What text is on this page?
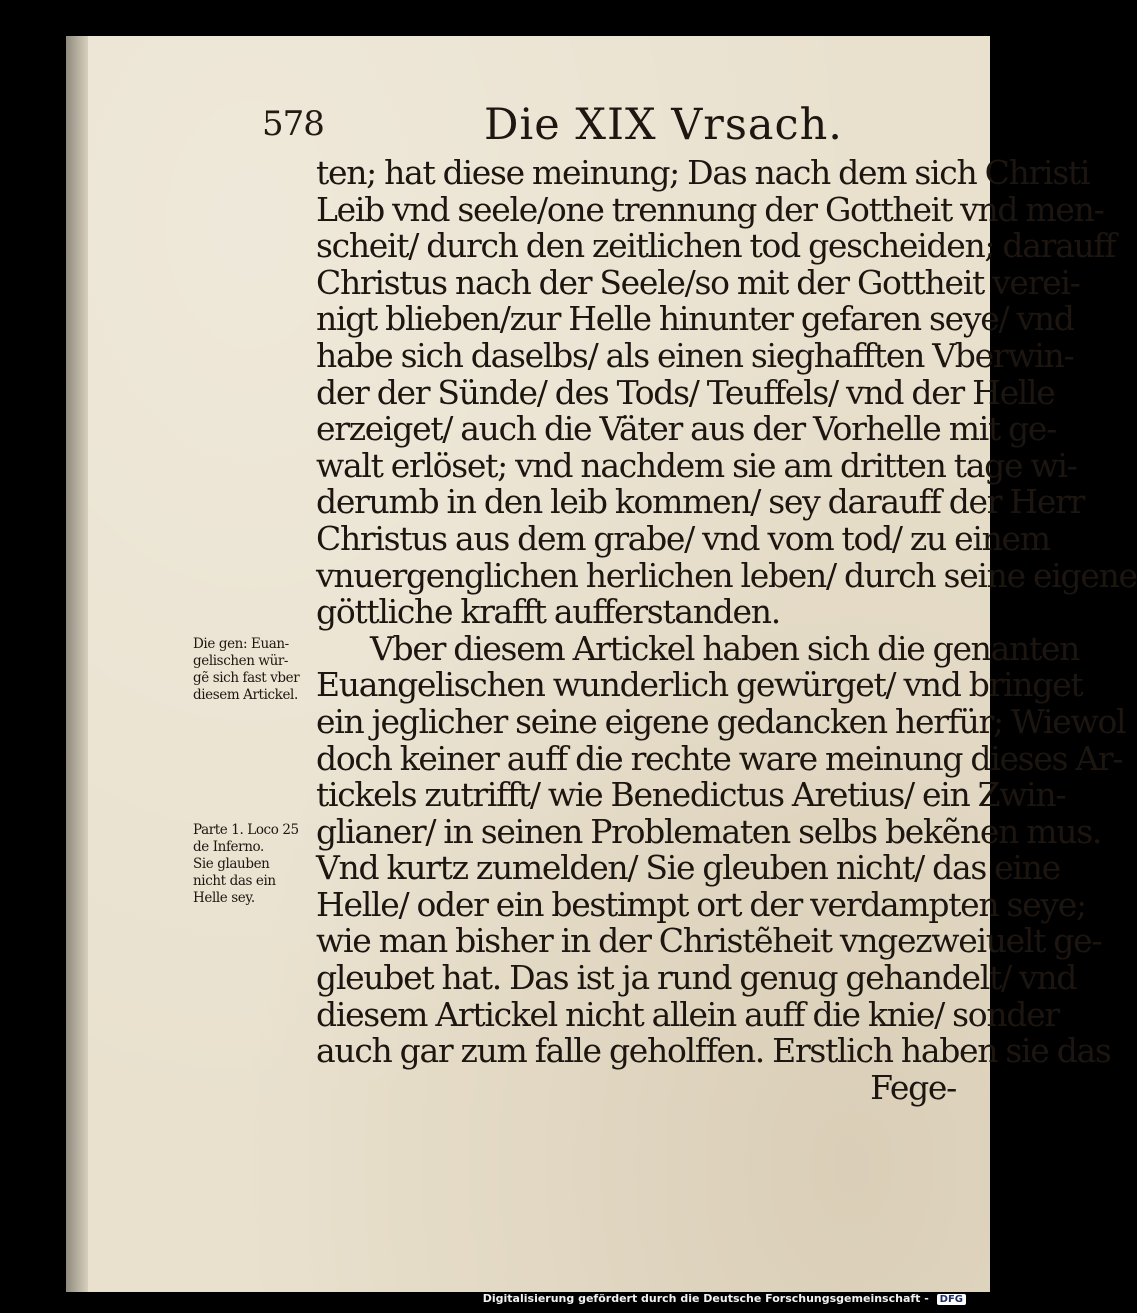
578	Die XIX Vrsach.
ten; hat diese meinung; Das nach dem sich Christi
Leib vnd seele/one trennung der Gottheit vnd men-
scheit/ durch den zeitlichen tod gescheiden; darauff
Christus nach der Seele/so mit der Gottheit verei-
nigt blieben/zur Helle hinunter gefaren seye/ vnd
habe sich daselbs/ als einen sieghafften Vberwin-
der der Sünde/ des Tods/ Teuffels/ vnd der Helle
erzeiget/ auch die Väter aus der Vorhelle mit ge-
walt erlöset; vnd nachdem sie am dritten tage wi-
derumb in den leib kommen/ sey darauff der Herr
Christus aus dem grabe/ vnd vom tod/ zu einem
vnuergenglichen herlichen leben/ durch seine eigene
göttliche krafft aufferstanden.
Vber diesem Artickel haben sich die genanten
Euangelischen wunderlich gewürget/ vnd bringet
ein jeglicher seine eigene gedancken herfür; Wiewol
doch keiner auff die rechte ware meinung dieses Ar-
tickels zutrifft/ wie Benedictus Aretius/ ein Zwin-
glianer/ in seinen Problematen selbs bekẽnen mus.
Vnd kurtz zumelden/ Sie gleuben nicht/ das eine
Helle/ oder ein bestimpt ort der verdampten seye;
wie man bisher in der Christẽheit vngezweiuelt ge-
gleubet hat. Das ist ja rund genug gehandelt/ vnd
diesem Artickel nicht allein auff die knie/ sonder
auch gar zum falle geholffen. Erstlich haben sie das
Fege-
Die gen: Euan-
gelischen wür-
gẽ sich fast vber
diesem Artickel.
Parte 1. Loco 25
de Inferno.
Sie glauben
nicht das ein
Helle sey.
Digitalisierung gefördert durch die Deutsche Forschungsgemeinschaft - DFG
